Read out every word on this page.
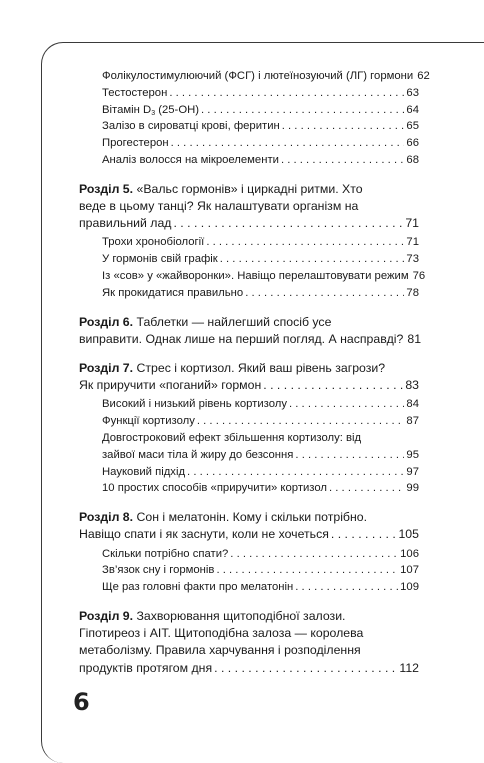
Фолікулостимулюючий (ФСГ) і лютеїнозуючий (ЛГ) гормони 62
Тестостерон . . .	63
Вітамін $D_3$ (25-ОН) . . .	64
Залізо в сироватці крові, феритин . . .	65
Прогестерон . . .	66
Аналіз волосся на мікроелементи . . .	68
Розділ 5. «Вальс гормонів» і циркадні ритми. Хто
веде в цьому танці? Як налаштувати організм на
правильний лад . . .	71
Трохи хронобіології . . .	71
У гормонів свій графік . . .	73
Із «сов» у «жайворонки». Навіщо перелаштовувати режим 76
Як прокидатися правильно . . .	78
Розділ 6. Таблетки — найлегший спосіб усе
виправити. Однак лише на перший погляд. А насправді? 81
Розділ 7. Стрес і кортизол. Який ваш рівень загрози?
Як приручити «поганий» гормон . . .	83
Високий і низький рівень кортизолу . . .	84
Функції кортизолу . . .	87
Довгостроковий ефект збільшення кортизолу: від
зайвої маси тіла й жиру до безсоння . . .	95
Науковий підхід . . .	97
10 простих способів «приручити» кортизол . . .	99
Розділ 8. Сон і мелатонін. Кому і скільки потрібно.
Навіщо спати і як заснути, коли не хочеться . . .	105
Скільки потрібно спати? . . .	106
Зв’язок сну і гормонів . . .	107
Ще раз головні факти про мелатонін . . .	109
Розділ 9. Захворювання щитоподібної залози.
Гіпотиреоз і АІТ. Щитоподібна залоза — королева
метаболізму. Правила харчування і розподілення
продуктів протягом дня . . .	112
6
